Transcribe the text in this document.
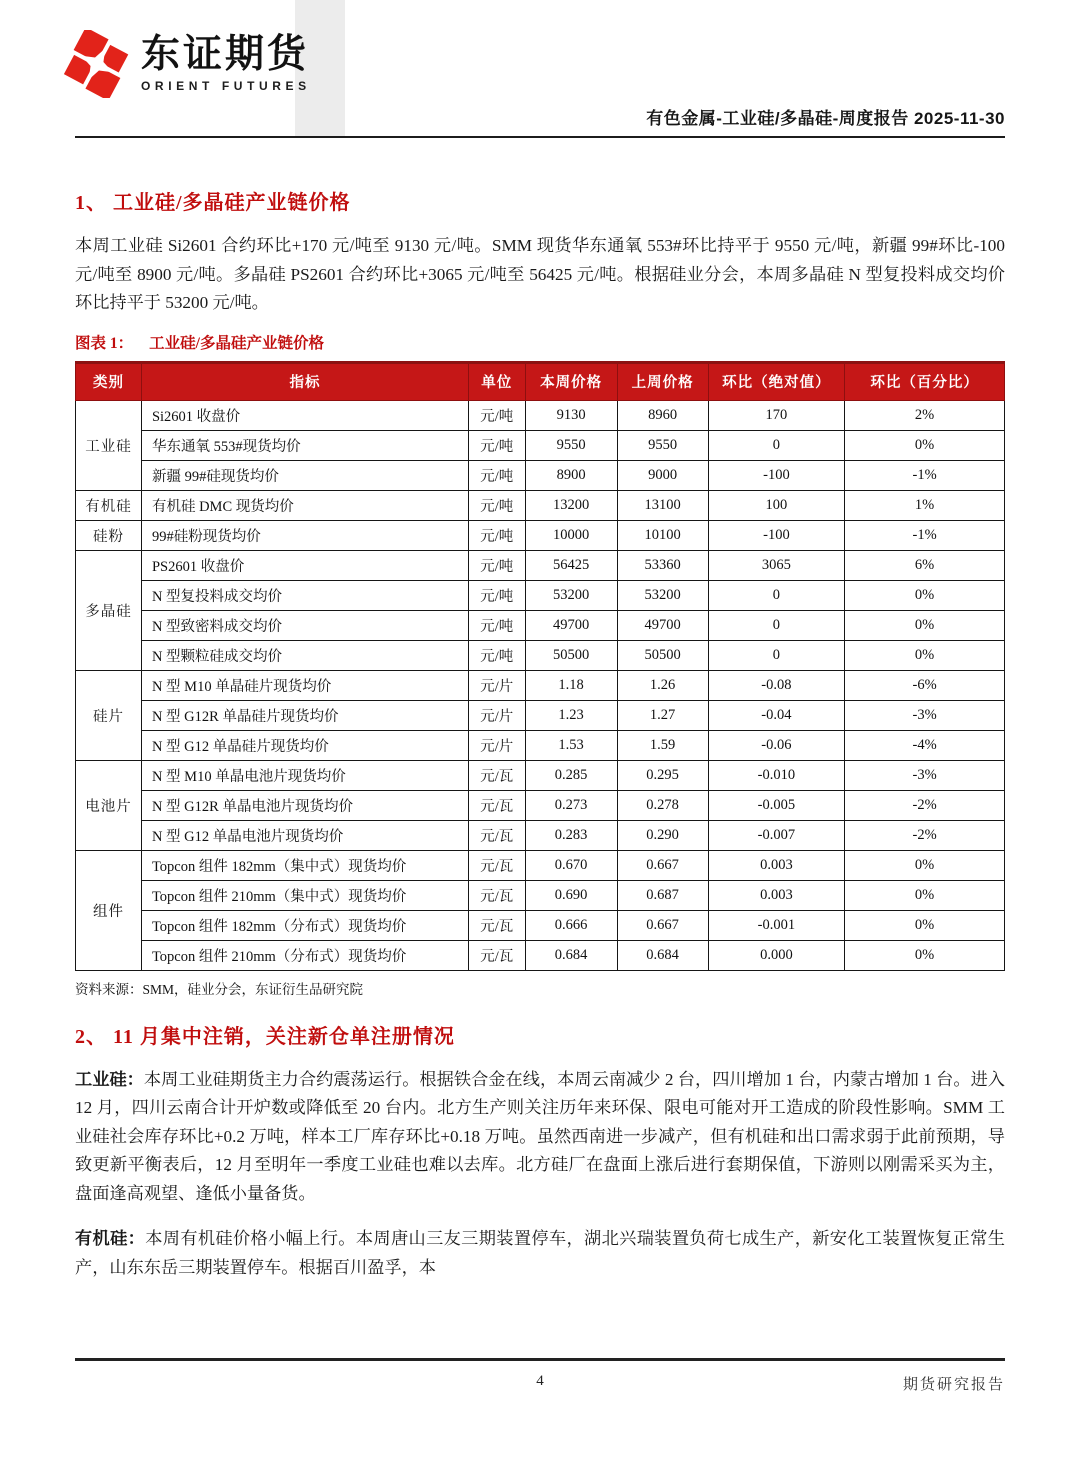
东证期货
ORIENT FUTURES
有色金属-工业硅/多晶硅-周度报告 2025-11-30
1、 工业硅/多晶硅产业链价格

本周工业硅 Si2601 合约环比+170 元/吨至 9130 元/吨。SMM 现货华东通氧 553#环比持平于 9550 元/吨，新疆 99#环比-100 元/吨至 8900 元/吨。多晶硅 PS2601 合约环比+3065 元/吨至 56425 元/吨。根据硅业分会，本周多晶硅 N 型复投料成交均价环比持平于 53200 元/吨。

图表 1： 工业硅/多晶硅产业链价格
类别	指标	单位	本周价格	上周价格	环比（绝对值）	环比（百分比）
工业硅	Si2601 收盘价	元/吨	9130	8960	170	2%
	华东通氧 553#现货均价	元/吨	9550	9550	0	0%
	新疆 99#硅现货均价	元/吨	8900	9000	-100	-1%
有机硅	有机硅 DMC 现货均价	元/吨	13200	13100	100	1%
硅粉	99#硅粉现货均价	元/吨	10000	10100	-100	-1%
多晶硅	PS2601 收盘价	元/吨	56425	53360	3065	6%
	N 型复投料成交均价	元/吨	53200	53200	0	0%
	N 型致密料成交均价	元/吨	49700	49700	0	0%
	N 型颗粒硅成交均价	元/吨	50500	50500	0	0%
硅片	N 型 M10 单晶硅片现货均价	元/片	1.18	1.26	-0.08	-6%
	N 型 G12R 单晶硅片现货均价	元/片	1.23	1.27	-0.04	-3%
	N 型 G12 单晶硅片现货均价	元/片	1.53	1.59	-0.06	-4%
电池片	N 型 M10 单晶电池片现货均价	元/瓦	0.285	0.295	-0.010	-3%
	N 型 G12R 单晶电池片现货均价	元/瓦	0.273	0.278	-0.005	-2%
	N 型 G12 单晶电池片现货均价	元/瓦	0.283	0.290	-0.007	-2%
组件	Topcon 组件 182mm（集中式）现货均价	元/瓦	0.670	0.667	0.003	0%
	Topcon 组件 210mm（集中式）现货均价	元/瓦	0.690	0.687	0.003	0%
	Topcon 组件 182mm（分布式）现货均价	元/瓦	0.666	0.667	-0.001	0%
	Topcon 组件 210mm（分布式）现货均价	元/瓦	0.684	0.684	0.000	0%
资料来源：SMM，硅业分会，东证衍生品研究院
2、 11 月集中注销，关注新仓单注册情况

工业硅：本周工业硅期货主力合约震荡运行。根据铁合金在线，本周云南减少 2 台，四川增加 1 台，内蒙古增加 1 台。进入 12 月，四川云南合计开炉数或降低至 20 台内。北方生产则关注历年来环保、限电可能对开工造成的阶段性影响。SMM 工业硅社会库存环比+0.2 万吨，样本工厂库存环比+0.18 万吨。虽然西南进一步减产，但有机硅和出口需求弱于此前预期，导致更新平衡表后，12 月至明年一季度工业硅也难以去库。北方硅厂在盘面上涨后进行套期保值，下游则以刚需采买为主，盘面逢高观望、逢低小量备货。

有机硅：本周有机硅价格小幅上行。本周唐山三友三期装置停车，湖北兴瑞装置负荷七成生产，新安化工装置恢复正常生产，山东东岳三期装置停车。根据百川盈孚，本

4	期货研究报告
